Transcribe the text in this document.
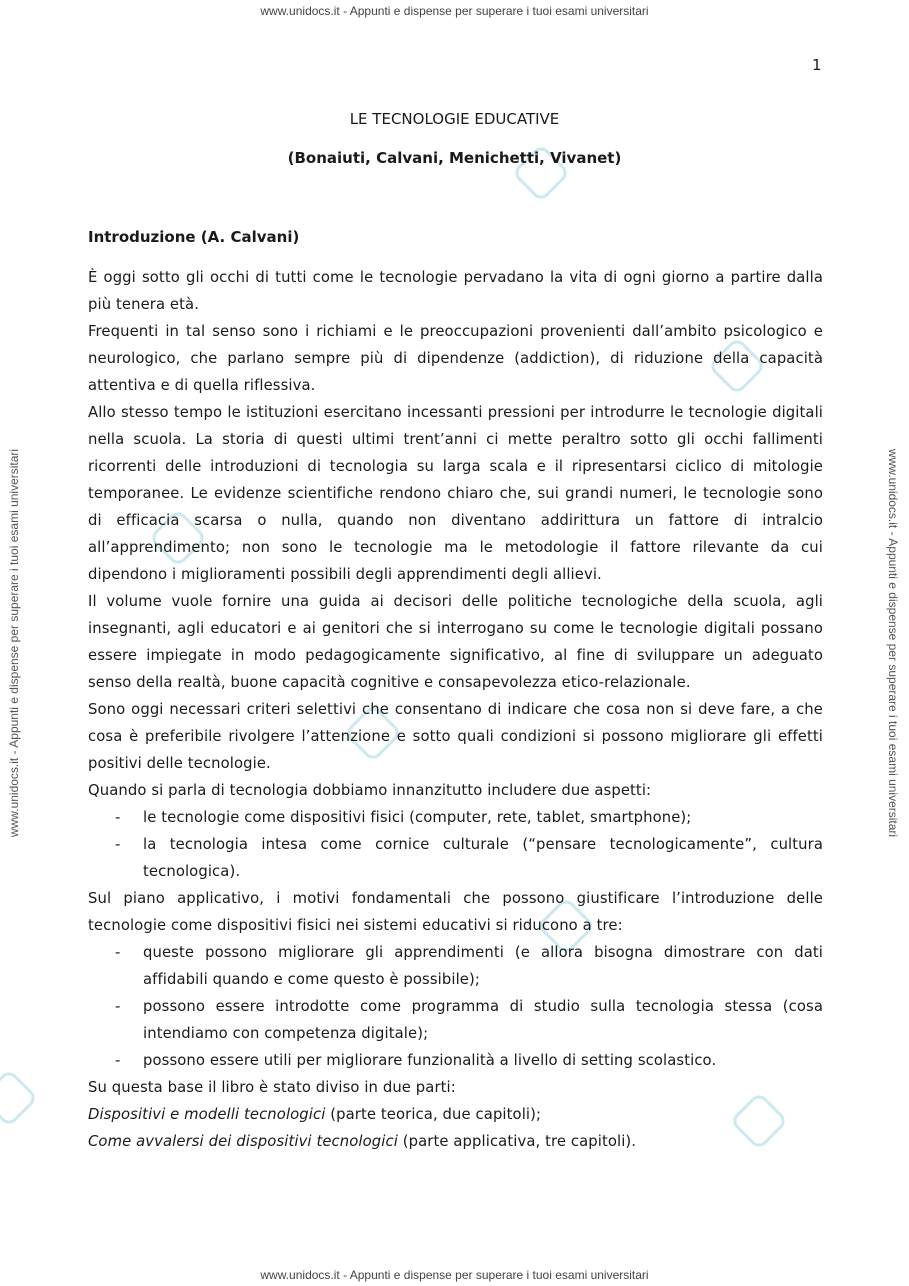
www.unidocs.it - Appunti e dispense per superare i tuoi esami universitari
www.unidocs.it - Appunti e dispense per superare i tuoi esami universitari	www.unidocs.it - Appunti e dispense per superare i tuoi esami universitari
1
LE TECNOLOGIE EDUCATIVE
(Bonaiuti, Calvani, Menichetti, Vivanet)
Introduzione (A. Calvani)

È oggi sotto gli occhi di tutti come le tecnologie pervadano la vita di ogni giorno a partire dalla più tenera età.

Frequenti in tal senso sono i richiami e le preoccupazioni provenienti dall’ambito psicologico e neurologico, che parlano sempre più di dipendenze (addiction), di riduzione della capacità attentiva e di quella riflessiva.

Allo stesso tempo le istituzioni esercitano incessanti pressioni per introdurre le tecnologie digitali nella scuola. La storia di questi ultimi trent’anni ci mette peraltro sotto gli occhi fallimenti ricorrenti delle introduzioni di tecnologia su larga scala e il ripresentarsi ciclico di mitologie temporanee. Le evidenze scientifiche rendono chiaro che, sui grandi numeri, le tecnologie sono di efficacia scarsa o nulla, quando non diventano addirittura un fattore di intralcio all’apprendimento; non sono le tecnologie ma le metodologie il fattore rilevante da cui dipendono i miglioramenti possibili degli apprendimenti degli allievi.

Il volume vuole fornire una guida ai decisori delle politiche tecnologiche della scuola, agli insegnanti, agli educatori e ai genitori che si interrogano su come le tecnologie digitali possano essere impiegate in modo pedagogicamente significativo, al fine di sviluppare un adeguato senso della realtà, buone capacità cognitive e consapevolezza etico-relazionale.

Sono oggi necessari criteri selettivi che consentano di indicare che cosa non si deve fare, a che cosa è preferibile rivolgere l’attenzione e sotto quali condizioni si possono migliorare gli effetti positivi delle tecnologie.

Quando si parla di tecnologia dobbiamo innanzitutto includere due aspetti:

- le tecnologie come dispositivi fisici (computer, rete, tablet, smartphone);
- la tecnologia intesa come cornice culturale (“pensare tecnologicamente”, cultura tecnologica).

Sul piano applicativo, i motivi fondamentali che possono giustificare l’introduzione delle tecnologie come dispositivi fisici nei sistemi educativi si riducono a tre:

- queste possono migliorare gli apprendimenti (e allora bisogna dimostrare con dati affidabili quando e come questo è possibile);
- possono essere introdotte come programma di studio sulla tecnologia stessa (cosa intendiamo con competenza digitale);
- possono essere utili per migliorare funzionalità a livello di setting scolastico.

Su questa base il libro è stato diviso in due parti:

Dispositivi e modelli tecnologici (parte teorica, due capitoli);

Come avvalersi dei dispositivi tecnologici (parte applicativa, tre capitoli).

www.unidocs.it - Appunti e dispense per superare i tuoi esami universitari
